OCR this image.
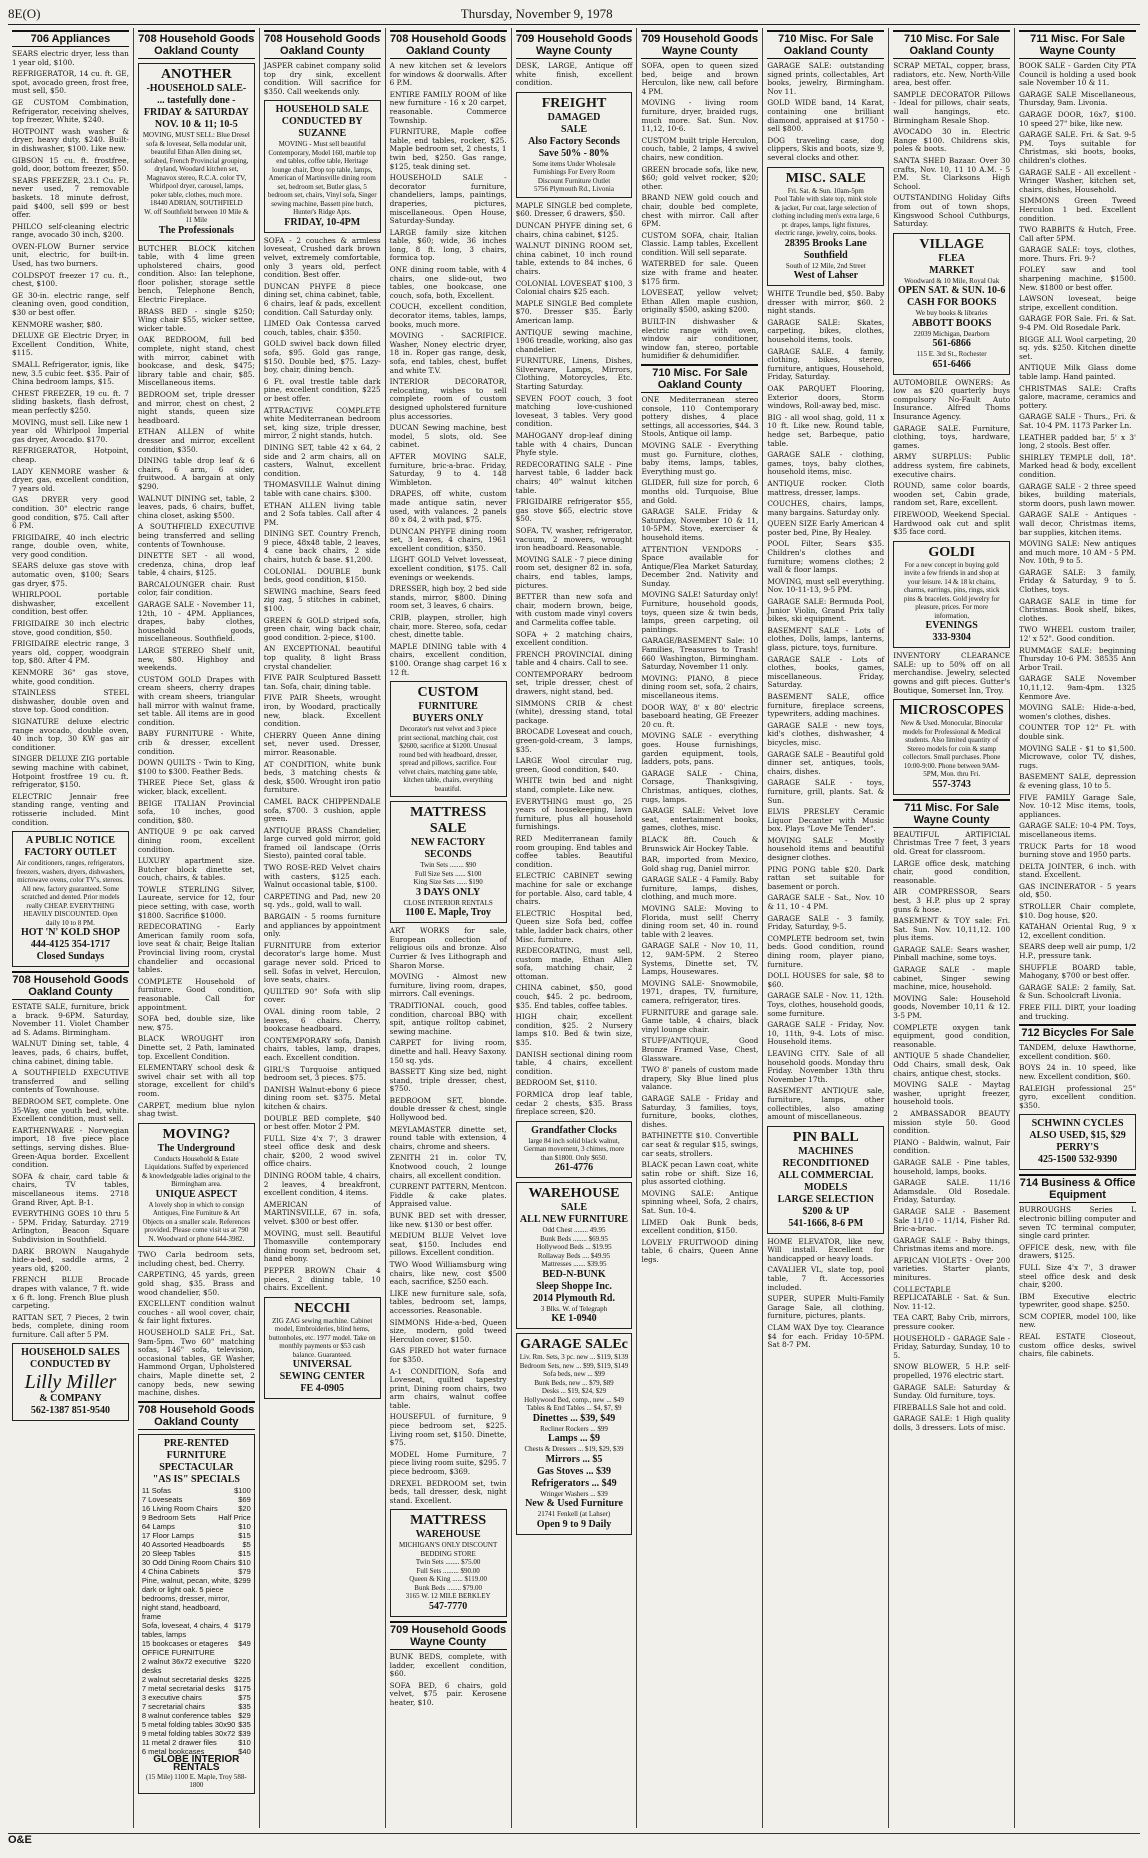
8E(O)	Thursday, November 9, 1978
706 Appliances
SEARS electric dryer, less than 1 year old, $100.
REFRIGERATOR, 14 cu. ft. GE, spot, avocado green, frost free, must sell, $50.
GE CUSTOM Combination, Refrigerator, receiving shelves, top freezer, White, $240.
HOTPOINT wash washer & dryer, heavy duty, $240. Built-in dishwasher, $100. Like new.
GIBSON 15 cu. ft. frostfree, gold, door, bottom freezer, $50.
SEARS FREEZER, 23.1 Cu. Ft. never used, 7 removable baskets. 18 minute defrost, paid $400, sell $99 or best offer.
PHILCO self-cleaning electric range, avocado 30 inch, $200.
OVEN-FLOW Burner service unit, electric, for built-in. Used, has two burners.
COLDSPOT freezer 17 cu. ft., chest, $100.
GE 30-in. electric range, self cleaning oven, good condition, $30 or best offer.
KENMORE washer, $80.
DELUXE GE Electric Dryer, in Excellent Condition, White, $115.
SMALL Refrigerator, ignis, like new, 3.5 cubic feet. $35. Pair of China bedroom lamps, $15.
CHEST FREEZER, 19 cu. ft. 7 sliding baskets, flash defrost, mean perfectly $250.
MOVING, must sell. Like new 1 year old Whirlpool Imperial gas dryer, Avocado. $170.
REFRIGERATOR, Hotpoint, cheap.
LADY KENMORE washer & dryer, gas, excellent condition, 7 years old.
GAS DRYER very good condition. 30" electric range good condition, $75. Call after 6 PM.
FRIGIDAIRE, 40 inch electric range, double oven, white, very good condition.
SEARS deluxe gas stove with automatic oven, $100; Sears gas dryer, $75.
WHIRLPOOL portable dishwasher, excellent condition, best offer.
FRIGIDAIRE 30 inch electric stove, good condition, $50.
FRIGIDAIRE electric range, 3 years old, copper, woodgrain top, $80. After 4 PM.
KENMORE 36" gas stove, white, good condition.
STAINLESS STEEL dishwasher, double oven and stove top. Good condition.
SIGNATURE deluxe electric range avocado, double oven, 40 inch top, 30 KW gas air conditioner.
SINGER DELUXE ZIG portable sewing machine with cabinet, Hotpoint frostfree 19 cu. ft. refrigerator, $150.
ELECTRIC Jennair free standing range, venting and rotisserie included. Mint condition.
A PUBLIC NOTICE
FACTORY OUTLET
Air conditioners, ranges, refrigerators, freezers, washers, dryers, dishwashers, microwave ovens, color TV's, stereos. All new, factory guaranteed. Some scratched and dented. Prior models really CHEAP. EVERYTHING HEAVILY DISCOUNTED. Open daily 10 to 8 PM.
HOT 'N' KOLD SHOP
444-4125 354-1717
Closed Sundays
708 Household Goods Oakland County
ESTATE SALE, furniture, brick a brack. 9-6PM. Saturday, November 11. Violet Chamber ad S. Adams. Birmingham.
WALNUT Dining set, table, 4 leaves, pads, 6 chairs, buffet, china cabinet, dining table.
A SOUTHFIELD EXECUTIVE transferred and selling contents of Townhouse.
BEDROOM SET, complete. One 35-Way, one youth bed, white. Excellent condition, must sell.
EARTHENWARE - Norwegian import, 18 five piece place settings, serving dishes. Blue-Green-Aqua border. Excellent condition.
SOFA & chair, card table & chairs, TV tables, miscellaneous items. 2718 Grand River, Apt. B-1.
EVERYTHING GOES 10 thru 5 - 5PM. Friday, Saturday. 2719 Arlington, Beacon Square Subdivision in Southfield.
DARK BROWN Naugahyde hide-a-bed, saddle arms, 2 years old, $200.
FRENCH BLUE Brocade drapes with valance, 7 ft. wide x 6 ft. long. French Blue plush carpeting.
RATTAN SET, 7 Pieces, 2 twin beds, complete, dining room furniture. Call after 5 PM.
HOUSEHOLD SALES
CONDUCTED BY
Lilly Miller
& COMPANY
562-1387 851-9540
708 Household Goods Oakland County
ANOTHER
-HOUSEHOLD SALE-
... tastefully done -
FRIDAY & SATURDAY
NOV. 10 & 11; 10-5
MOVING, MUST SELL: Blue Dresel sofa & loveseat, Sella modular unit, beautiful Ethan Allen dining set, sofabed, French Provincial grouping, dryland, Woodard kitchen set, Magnavox stereo, R.C.A. color TV, Whirlpool dryer, carousel, lamps, poker table, clothes, much more.
18440 ADRIAN, SOUTHFIELD
W. off Southfield between 10 Mile & 11 Mile
The Professionals
BUTCHER BLOCK kitchen table, with 4 lime green upholstered chairs, good condition. Also: Ian telephone, floor polisher, storage settle bench, Telephone Bench, Electric Fireplace.
BRASS BED - single $250; Wing chair $55, wicker settee, wicker table.
OAK BEDROOM, full bed complete, night stand, chest with mirror, cabinet with bookcase, and desk, $475; library table and chair, $85. Miscellaneous items.
BEDROOM set, triple dresser and mirror, chest on chest, 2 night stands, queen size headboard.
ETHAN ALLEN of white dresser and mirror, excellent condition, $350.
DINING table drop leaf & 6 chairs, 6 arm, 6 sider, fruitwood. A bargain at only $290.
WALNUT DINING set, table, 2 leaves, pads, 6 chairs, buffet, china closet, asking $500.
A SOUTHFIELD EXECUTIVE being transferred and selling contents of Townhouse.
DINETTE SET - all wood, credenza, china, drop leaf table, 4 chairs, $125.
BARCALOUNGER chair. Rust color, fair condition.
GARAGE SALE - November 11, 12th, 10 - 4PM. Appliances, drapes, baby clothes, household goods, miscellaneous. Southfield.
LARGE STEREO Shelf unit, new, $80. Highboy and weekends.
CUSTOM GOLD Drapes with cream sheers, cherry drapes with cream sheers, triangular hall mirror with walnut frame, set table. All items are in good condition.
BABY FURNITURE - White, crib & dresser, excellent condition.
DOWN QUILTS - Twin to King, $100 to $300. Feather Beds.
THREE Piece Set, glass & wicker, black, excellent.
BEIGE ITALIAN Provincial sofa, 10 inches, good condition, $80.
ANTIQUE 9 pc oak carved dining room, excellent condition.
LUXURY apartment size. Butcher block dinette set, couch, chairs, & tables.
TOWLE STERLING Silver, Laureate, service for 12, four piece setting, with case, worth $1800. Sacrifice $1000.
REDECORATING - Early American family room sofa, love seat & chair, Beige Italian Provincial living room, crystal chandelier and occasional tables.
COMPLETE Household of furniture. Good condition, reasonable. Call for appointment.
SOFA bed, double size, like new, $75.
BLACK WROUGHT iron Dinette set, 2 Path, laminated top. Excellent Condition.
ELEMENTARY school desk & swivel chair set with all top storage, excellent for child's room.
CARPET, medium blue nylon shag twist.
MOVING?
The Underground
Conducts Household & Estate Liquidations. Staffed by experienced & knowledgeable ladies original to the Birmingham area.
UNIQUE ASPECT
A lovely shop in which to consign Antiques, Fine Furniture & Art Objects on a smaller scale. References provided. Please come visit us at 790 N. Woodward or phone 644-3982.
TWO Carla bedroom sets, including chest, bed. Cherry.
CARPETING, 45 yards, green gold shag, $35. Brass and wood chandelier, $50.
EXCELLENT condition walnut couches - all wool cover, chair, & fair light fixtures.
HOUSEHOLD SALE Fri., Sat. 9am-5pm. Two 60" matching sofas, 146" sofa, television, occasional tables, GE Washer, Hammond Organ, Upholstered chairs, Maple dinette set, 2 canopy beds, new sewing machine, dishes.
708 Household Goods Oakland County
PRE-RENTED FURNITURE
SPECTACULAR
"AS IS" SPECIALS
11 Sofas	$100
7 Loveseats	$69
16 Living Room Chairs	$20
9 Bedroom Sets	Half Price
64 Lamps	$10
17 Floor Lamps	$15
40 Assorted Headboards $5
20 Sleep Tables	$15
30 Odd Dining Room Chairs $10
4 China Cabinets	$79
Pine, walnut, pecan, white, dark or light oak. 5 piece bedrooms, dresser, mirror, night stand, headboard, frame
$299
Sofa, loveseat, 4 chairs, 4 tables, lamps
$179
15 bookcases or etageres $49
OFFICE FURNITURE
2 walnut 36x72 executive desks
$220
2 walnut secretarial desks $225
7 metal secretarial desks $175
3 executive chairs	$75
7 secretarial chairs	$35
8 walnut conference tables $29
5 metal folding tables 30x90 $35
9 metal folding tables 30x72 $39
11 metal 2 drawer files	$10
6 metal bookcases	$40
GLOBE INTERIOR RENTALS
(15 Mile) 1100 E. Maple, Troy 588-1800
708 Household Goods Oakland County
JASPER cabinet company solid top dry sink, excellent condition. Will sacrifice for $350. Call weekends only.
HOUSEHOLD SALE
CONDUCTED BY SUZANNE
MOVING - Must sell beautiful Contemporary, Model 160, marble top end tables, coffee table, Heritage lounge chair, Drop top table, lamps, American of Martinsville dining room set, bedroom set, Butler glass, 5 bedroom set, chairs, Vinyl sofa, Singer sewing machine, Bassett pine hutch, Hunter's Ridge Apts.
FRIDAY, 10-4PM
SOFA - 2 couches & armless loveseat, Crushed dark brown velvet, extremely comfortable, only 3 years old, perfect condition. Best offer.
DUNCAN PHYFE 8 piece dining set, china cabinet, table, 6 chairs, leaf & pads, excellent condition. Call Saturday only.
LIMED Oak Contessa carved couch, tables, chair. $350.
GOLD swivel back down filled sofa, $95. Gold gas range, $150. Double bed, $75. Lazy-boy, chair, dining bench.
6 Ft. oval trestle table dark pine, excellent condition, $225 or best offer.
ATTRACTIVE COMPLETE white Mediterranean bedroom set, king size, triple dresser, mirror, 2 night stands, hutch.
DINING SET, table 42 x 64, 2 side and 2 arm chairs, all on casters, Walnut, excellent condition.
THOMASVILLE Walnut dining table with cane chairs. $300.
ETHAN ALLEN living table and 2 Sofa tables. Call after 4 PM.
DINING SET. Country French, 9 piece, 48x48 table, 2 leaves, 4 cane back chairs, 2 side chairs, hutch & base. $1,200.
COLONIAL DOUBLE bunk beds, good condition, $150.
SEWING machine, Sears feed zig zag, 5 stitches in cabinet, $100.
GREEN & GOLD striped sofa, green chair, wing back chair, good condition. 2-piece, $100.
AN EXCEPTIONAL beautiful top quality, 8 light Brass crystal chandelier.
FIVE PAIR Sculptured Bassett tan. Sofa, chair, dining table.
FIVE PAIR Sheets, wrought iron, by Woodard, practically new, black. Excellent condition.
CHERRY Queen Anne dining set, never used. Dresser, mirror. Reasonable.
AT CONDITION, white bunk beds, 3 matching chests & desk, $500. Wrought iron patio furniture.
CAMEL BACK CHIPPENDALE sofa, $700. 3 cushion, apple green.
ANTIQUE BRASS Chandelier, large curved gold mirror, gold framed oil landscape (Orris Siesto), painted coral table.
TWO ROSE-RED Velvet chairs with casters, $125 each. Walnut occasional table, $100.
CARPETING and Pad, new 20 sq. yds., gold, wall to wall.
BARGAIN - 5 rooms furniture and appliances by appointment only.
FURNITURE from exterior decorator's large home. Must garage never sold. Priced to sell. Sofas in velvet, Herculon, love seats, chairs.
QUILTED 90" Sofa with slip cover.
OVAL dining room table, 2 leaves, 6 chairs. Cherry, bookcase headboard.
CONTEMPORARY sofa, Danish chairs, tables, lamp, drapes, each. Excellent condition.
GIRL'S Turquoise antiqued bedroom set, 3 pieces. $75.
DANISH Walnut-ebony 6 piece dining room set. $375. Metal kitchen & chairs.
DOUBLE BED complete, $40 or best offer. Motor 2 PM.
FULL Size 4'x 7', 3 drawer steel office desk and desk chair, $200, 2 wood swivel office chairs.
DINING ROOM table, 4 chairs, 2 leaves, 4 breakfront, excellent condition, 4 items.
AMERICAN of MARTINSVILLE, 67 in. sofa, velvet. $300 or best offer.
MOVING, must sell. Beautiful Thomasville contemporary dining room set, bedroom set, hand ebony.
PEPPER BROWN Chair 4 pieces, 2 dining table, 10 chairs. Excellent.
NECCHI
ZIG ZAG sewing machine. Cabinet model, Embroideries, blind hems, buttonholes, etc. 1977 model. Take on monthly payments or $53 cash balance. Guaranteed.
UNIVERSAL
SEWING CENTER
FE 4-0905
708 Household Goods Oakland County
A new kitchen set & levelors for windows & doorwalls. After 6 P.M.
ENTIRE FAMILY ROOM of like new furniture - 16 x 20 carpet, reasonable. Commerce Township.
FURNITURE, Maple coffee table, end tables, rocker, $25. Maple bedroom set, 2 chests, 1 twin bed, $250. Gas range, $125, teak dining set.
HOUSEHOLD SALE - decorator furniture, chandeliers, lamps, paintings, draperies, pictures, miscellaneous. Open House, Saturday-Sunday.
LARGE family size kitchen table, $60; wide, 36 inches long, 8 ft. long, 3 chairs, formica top.
ONE dining room table, with 4 chairs, one slide-out, two tables, one bookcase, one couch, sofa, both, Excellent.
COUCH, excellent condition, decorator items, tables, lamps, books, much more.
MOVING - SACRIFICE. Washer, Noney electric dryer, 18 in. Roper gas range, desk, sofa, end tables, chest, buffet and white T.V.
INTERIOR DECORATOR, relocating, wishes to sell complete room of custom designed upholstered furniture plus accessories.
DUCAN Sewing machine, best model, 5 slots, old. See cabinet.
AFTER MOVING SALE, furniture, bric-a-brac. Friday, Saturday, 9 to 4. 148 Wimbleton.
DRAPES, off white, custom made antique satin, never used, with valances. 2 panels 80 x 84, 2 with pad, $75.
DUNCAN PHYFE dining room set, 3 leaves, 4 chairs, 1961 excellent condition, $350.
LIGHT GOLD Velvet lovesseat, excellent condition, $175. Call evenings or weekends.
DRESSER, high boy, 2 bed side stands, mirror, $800. Dining room set, 3 leaves, 6 chairs.
CRIB, playpen, stroller, high chair, more. Stereo, sofa, cedar chest, dinette table.
MAPLE DINING table with 4 chairs, excellent condition, $100. Orange shag carpet 16 x 12 ft.
CUSTOM
FURNITURE
BUYERS ONLY
Decorator's rust velvet and 3 piece print sectional, matching chair, cost $2600, sacrifice at $1200. Unusual round bed with headboard, dresser, spread and pillows, sacrifice. Four velvet chairs, matching game table, kitchen table, chairs, everything beautiful.
MATTRESS SALE
NEW FACTORY SECONDS
Twin Sets ........ $90
Full Size Sets ...... $100
King Size Sets ...... $190
3 DAYS ONLY
CLOSE INTERIOR RENTALS
1100 E. Maple, Troy
ART WORKS for sale, European collection of religious oils and bronze. Also Currier & Ives Lithograph and Sharon Morse.
MOVING - Almost new furniture, living room, drapes, mirrors. Call evenings.
TRADITIONAL couch, good condition, charcoal BBQ with spit, antique rolltop cabinet, sewing machine.
CARPET for living room, dinette and hall. Heavy Saxony. 150 sq. yds.
BASSETT King size bed, night stand, triple dresser, chest, $750.
BEDROOM SET, blonde. double dresser & chest, single Hollywood bed.
MEYLAMASTER dinette set, round table with extension, 4 chairs, chrome and sheers.
ZENITH 21 in. color TV, Knotwood couch, 2 lounge chairs, all excellent condition.
CURRENT PATTERN, Mentcon. Fiddle & cake plates. Appraised value.
BUNK BED set with dresser, like new. $130 or best offer.
MEDIUM BLUE Velvet love seat, $150. Includes end pillows. Excellent condition.
TWO Wood Williamsburg wing chairs, like new, cost $500 each, sacrifice, $250 each.
LIKE new furniture sale, sofa, tables, bedroom set, lamps, accessories. Reasonable.
SIMMONS Hide-a-bed, Queen size, modern, gold tweed Herculon cover, $150.
GAS FIRED hot water furnace for $350.
A-1 CONDITION, Sofa and Loveseat, quilted tapestry print, Dining room chairs, two arm chairs, walnut coffee table.
HOUSEFUL of furniture, 9 piece bedroom set, $225. Living room set, $150. Dinette, $75.
MODEL Home Furniture, 7 piece living room suite, $295. 7 piece bedroom, $369.
DREXEL BEDROOM set, twin beds, tall dresser, desk, night stand. Excellent.
MATTRESS
WAREHOUSE
MICHIGAN'S ONLY DISCOUNT BEDDING STORE
Twin Sets ........ $75.00
Full Sets ......... $90.00
Queen & King ...... $119.00
Bunk Beds ........ $79.00
3165 W. 12 MILE BERKLEY
547-7770
709 Household Goods Wayne County
BUNK BEDS, complete, with ladder, excellent condition, $60.
SOFA BED, 6 chairs, gold velvet, $75 pair. Kerosene heater, $10.
709 Household Goods Wayne County
DESK, LARGE, Antique off white finish, excellent condition.
FREIGHT
DAMAGED
SALE
Also Factory Seconds
Save 50% - 80%
Some items Under Wholesale Furnishings For Every Room
Discount Furniture Outlet
5756 Plymouth Rd., Livonia
MAPLE SINGLE bed complete, $60. Dresser, 6 drawers, $50.
DUNCAN PHYFE dining set, 6 chairs, china cabinet, $125.
WALNUT DINING ROOM set, china cabinet, 10 inch round table, extends to 84 inches, 6 chairs.
COLONIAL LOVESEAT $100, 3 Colonial chairs $25 each.
MAPLE SINGLE Bed complete $70. Dresser $35. Early American lamp.
ANTIQUE sewing machine, 1906 treadle, working, also gas chandelier.
FURNITURE, Linens, Dishes, Silverware, Lamps, Mirrors, Clothing, Motorcycles, Etc. Starting Saturday.
SEVEN FOOT couch, 3 foot matching love-cushioned loveseat, 3 tables. Very good condition.
MAHOGANY drop-leaf dining table with 4 chairs, Duncan Phyfe style.
REDECORATING SALE - Pine harvest table, 6 ladder back chairs; 40" walnut kitchen table.
FRIGIDAIRE refrigerator $55, gas stove $65, electric stove $50.
SOFA, TV, washer, refrigerator, vacuum, 2 mowers, wrought iron headboard. Reasonable.
MOVING SALE - 7 piece dining room set, designer 82 in. sofa, chairs, end tables, lamps, pictures.
BETTER than new sofa and chair, modern brown, beige, with custom made vinyl covers and Carmelita coffee table.
SOFA + 2 matching chairs, excellent condition.
FRENCH PROVINCIAL dining table and 4 chairs. Call to see.
CONTEMPORARY bedroom set, triple dresser, chest of drawers, night stand, bed.
SIMMONS CRIB & chest (white), dressing stand, total package.
BROCADE Loveseat and couch, green-gold-cream, 3 lamps, $35.
LARGE Wool circular rug, green, Good condition, $40.
WHITE twin bed and night stand, complete. Like new.
EVERYTHING must go, 25 years of housekeeping, lawn furniture, plus all household furnishings.
RED Mediterranean family room grouping. End tables and coffee tables. Beautiful condition.
ELECTRIC CABINET sewing machine for sale or exchange for portable. Also, card table, 4 chairs.
ELECTRIC Hospital bed, Queen size Sofa bed, coffee table, ladder back chairs, other Misc. furniture.
REDECORATING, must sell, custom made, Ethan Allen sofa, matching chair, 2 ottoman.
CHINA cabinet, $50, good couch, $45. 2 pc. bedroom, $35. End tables, coffee tables.
HIGH chair, excellent condition, $25. 2 Nursery lamps $10. Bed & twin size, $35.
DANISH sectional dining room table, 4 chairs, excellent condition.
BEDROOM Set, $110.
FORMICA drop leaf table, cedar 2 chests, $35. Brass fireplace screen, $20.
Grandfather Clocks
large 84 inch solid black walnut, German movement, 3 chimes, more than $1800. Only $650.
261-4776
WAREHOUSE
SALE
ALL NEW FURNITURE
Odd Chest ........ 49.95
Bunk Beds ........ $69.95
Hollywood Beds ... $19.95
Rollaway Beds .... $49.95
Mattresses ....... $39.95
BED-N-BUNK
Sleep Shoppe Inc.
2014 Plymouth Rd.
3 Blks. W. of Telegraph
KE 1-0940
GARAGE SALEc
Liv. Rm. Sets, 3 pc. new ... $119, $139
Bedroom Sets, new ... $99, $119, $149
Sofa beds, new ... $99
Bunk Beds, new ... $79, $89
Desks ... $19, $24, $29
Hollywood Bed, comp., new ... $49
Tables & End Tables ... $4, $7, $9
Dinettes ... $39, $49
Recliner Rockers ... $99
Lamps ... $9
Chests & Dressers ... $19, $29, $39
Mirrors ... $5
Gas Stoves ... $39
Refrigerators ... $49
Wringer Washers ... $39
New & Used Furniture
21741 Fenkell (at Lahser)
Open 9 to 9 Daily
709 Household Goods Wayne County
SOFA, open to queen sized bed, beige and brown Herculon, like new, call before 4 PM.
MOVING - living room furniture, dryer, braided rugs, much more. Sat. Sun. Nov. 11,12, 10-6.
CUSTOM built triple Herculon, couch, table, 2 lamps, 4 swivel chairs, new condition.
GREEN brocade sofa, like new, $60; gold velvet rocker, $20; other.
BRAND NEW gold couch and chair, double bed complete, chest with mirror. Call after 6PM.
CUSTOM SOFA, chair, Italian Classic. Lamp tables, Excellent condition. Will sell separate.
WATERBED for sale. Queen size with frame and heater. $175 firm.
LOVESEAT, yellow velvet; Ethan Allen maple cushion, originally $500, asking $200.
BUILT-IN dishwasher & electric range with oven, window air conditioner, window fan, stereo, portable humidifier & dehumidifier.
710 Misc. For Sale Oakland County
ONE Mediterranean stereo console, 110 Contemporary pottery dishes, 4 place settings, all accessories, $44. 3 Stools, Antique oil lamp.
MOVING SALE - Everything must go. Furniture, clothes, baby items, lamps, tables, Everything must go.
GLIDER, full size for porch, 6 months old. Turquoise, Blue and Gold.
GARAGE SALE. Friday & Saturday, November 10 & 11, 10-5PM. Stove, exerciser & household items.
ATTENTION VENDORS - Space available for Antique/Flea Market Saturday, December 2nd. Nativity and Sunday.
MOVING SALE! Saturday only! Furniture, household goods, toys, queen size & twin beds, lamps, green carpeting, oil paintings.
GARAGE/BASEMENT Sale: 10 Families, Treasures to Trash! 660 Washington, Birmingham. Saturday, November 11 only.
MOVING: PIANO, 8 piece dining room set, sofa, 2 chairs, miscellaneous items.
DOOR WAY, 8' x 80' electric baseboard heating, GE Freezer 20 cu. ft.
MOVING SALE - everything goes. House furnishings, garden equipment, tools, ladders, pots, pans.
GARAGE SALE - China, Corsage, Thanksgiving, Christmas, antiques, clothes, rugs, lamps.
GARAGE SALE: Velvet love seat, entertainment books, games, clothes, misc.
BLACK 8ft. Couch & Brunswick Air Hockey Table.
BAR, imported from Mexico, Gold shag rug, Daniel mirror.
GARAGE SALE - 4 Family. Baby furniture, lamps, dishes, clothing, and much more.
MOVING SALE: Moving to Florida, must sell! Cherry dining room set, 40 in. round table with 2 leaves.
GARAGE SALE - Nov 10, 11, 12, 9AM-5PM. 2 Stereo Systems, Dinette set, TV, Lamps, Housewares.
MOVING SALE- Snowmobile, 1971, drapes, TV, furniture, camera, refrigerator, tires.
FURNITURE and garage sale. Game table, 4 chairs, black vinyl lounge chair.
STUFF/ANTIQUE, Good Bronze Framed Vase, Chest, Glassware.
TWO 8' panels of custom made drapery, Sky Blue lined plus valance.
GARAGE SALE - Friday and Saturday, 3 families, toys, furniture, books, clothes, dishes.
BATHINETTE $10. Convertible car seat & regular $15, swings, car seats, strollers.
BLACK pecan Lawn coat, white satin robe or shift. Size 16, plus assorted clothing.
MOVING SALE: Antique spinning wheel, Sofa, 2 chairs, Sat. Sun. 10-4.
LIMED Oak Bunk beds, excellent condition, $150.
LOVELY FRUITWOOD dining table, 6 chairs, Queen Anne legs.
710 Misc. For Sale Oakland County
GARAGE SALE: outstanding signed prints, collectables, Art books, jewelry, Birmingham. Nov 11.
GOLD WIDE band, 14 Karat, containing one brilliant diamond, appraised at $1750 - sell $800.
DOG traveling case, dog clippers, Skis and boots, size 9, several clocks and other.
MISC. SALE
Fri. Sat. & Sun. 10am-5pm
Pool Table with slate top, mink stole & jacket, Fur coat, large selection of clothing including men's extra large, 6 pr. drapes, lamps, light fixtures, electric range, jewelry, coins, books.
28395 Brooks Lane
Southfield
South of 12 Mile, 2nd Street
West of Lahser
WHITE Trundle bed, $50. Baby dresser with mirror, $60. 2 night stands.
GARAGE SALE: Skates, carpeting, bikes, clothes, household items, tools.
GARAGE SALE. 4 family, clothing, bikes, stereo, furniture, antiques, Household, Friday, Saturday.
OAK PARQUET Flooring, Exterior doors, Storm windows, Roll-away bed, misc.
BIG - all wool shag, gold, 11 x 10 ft. Like new. Round table, hedge set, Barbeque, patio table.
GARAGE SALE - clothing, games, toys, baby clothes, household items, misc.
ANTIQUE rocker. Cloth mattress, dresser, lamps.
COUCHES, chairs, lamps, many bargains. Saturday only.
QUEEN SIZE Early American 4 poster bed, Pine, By Healey.
POOL Filter, Sears $35. Children's clothes and furniture; womens clothes; 2 wall & floor lamps.
MOVING, must sell everything. Nov. 10-11-13, 9-5 PM.
GARAGE SALE: Bermuda Pool, Junior Violin, Grand Prix tally bikes, ski equipment.
BASEMENT SALE - Lots of clothes, Dolls, lamps, lanterns, glass, picture, toys, furniture.
GARAGE SALE - Lots of clothes, books, games, miscellaneous. Friday, Saturday.
BASEMENT SALE, office furniture, fireplace screens, typewriters, adding machines.
GARAGE SALE - new toys, kid's clothes, dishwasher, 4 bicycles, misc.
GARAGE SALE - Beautiful gold dinner set, antiques, tools, chairs, dishes.
GARAGE SALE - toys, furniture, grill, plants. Sat. & Sun.
ELVIS PRESLEY Ceramic Liquor Decanter with Music box. Plays "Love Me Tender".
MOVING SALE - Mostly household items and beautiful designer clothes.
PING PONG table $20. Dark rattan set suitable for basement or porch.
GARAGE SALE - Sat., Nov. 10 & 11, 10 - 4 PM.
GARAGE SALE - 3 family, Friday, Saturday, 9-5.
COMPLETE bedroom set, twin beds. Good condition, round dining room, player piano, furniture.
DOLL HOUSES for sale, $8 to $60.
GARAGE SALE - Nov. 11, 12th. Toys, clothes, household goods, some furniture.
GARAGE SALE - Friday, Nov. 10, 11th, 9-4. Lots of misc. Household items.
LEAVING CITY. Sale of all household goods. Monday thru Friday. November 13th thru November 17th.
BASEMENT ANTIQUE sale, furniture, lamps, other collectibles, also amazing amount of miscellaneous.
PIN BALL
MACHINES
RECONDITIONED
ALL COMMERCIAL MODELS
LARGE SELECTION
$200 & UP
541-1666, 8-6 PM
HOME ELEVATOR, like new, Will install. Excellent for handicapped or heavy loads.
CAVALIER VL, slate top, pool table, 7 ft. Accessories included.
SUPER, SUPER Multi-Family Garage Sale, all clothing, furniture, pictures, plants.
CLAM WAX Dye toy. Clearance $4 for each. Friday 10-5PM. Sat 8-7 PM.
710 Misc. For Sale Oakland County
SCRAP METAL, copper, brass, radiators, etc. New, North-Ville area, best offer.
SAMPLE DECORATOR Pillows - Ideal for pillows, chair seats, wall hangings, etc. Birmingham Resale Shop.
AVOCADO 30 in. Electric Range $100. Childrens skis, poles & boots.
SANTA SHED Bazaar. Over 30 crafts, Nov. 10, 11 10 A.M. - 5 P.M. St. Clarksons High School.
OUTSTANDING Holiday Gifts from out of town shops, Kingswood School Cuthburgs, Saturday.
VILLAGE
FLEA
MARKET
Woodward & 10 Mile, Royal Oak
OPEN SAT. & SUN. 10-6
CASH FOR BOOKS
We buy books & libraries
ABBOTT BOOKS
22039 Michigan, Dearborn
561-6866
115 E. 3rd St., Rochester
651-6466
AUTOMOBILE OWNERS: As low as $20 quarterly buys compulsory No-Fault Auto Insurance. Alfred Thoms Insurance Agency.
GARAGE SALE. Furniture, clothing, toys, hardware, games.
ARMY SURPLUS: Public address system, fire cabinets, executive chairs.
ROUND, same color boards, wooden set, Cabin grade, random set, Rare, excellent.
FIREWOOD, Weekend Special. Hardwood oak cut and split $35 face cord.
GOLDI
For a new concept in buying gold invite a few friends in and shop at your leisure. 14 & 18 kt chains, charms, earrings, pins, rings, stick pins & bracelets. Gold jewelry for pleasure, prices. For more information,
EVENINGS
333-9304
INVENTORY CLEARANCE SALE: up to 50% off on all merchandise. Jewelry, selected gowns and gift pieces. Gutter's Boutique, Somerset Inn, Troy.
MICROSCOPES
New & Used. Monocular, Binocular models for Professional & Medical students. Also limited quantity of Stereo models for coin & stamp collectors. Small purchases. Phone 10:00-9:00. Phone between 9AM-5PM, Mon. thru Fri.
557-3743
711 Misc. For Sale Wayne County
BEAUTIFUL ARTIFICIAL Christmas Tree 7 feet, 3 years old. Great for classroom.
LARGE office desk, matching chair, good condition, reasonable.
AIR COMPRESSOR, Sears best, 3 H.P. plus up 2 spray guns & hose.
BASEMENT & TOY sale: Fri. Sat. Sun. Nov. 10,11,12. 100 plus items.
GARAGE SALE: Sears washer, Pinball machine, some toys.
GARAGE SALE - maple cabinet, Singer sewing machine, mice, household.
MOVING Sale: Household goods, November 10,11 & 12. 3-5 PM.
COMPLETE oxygen tank equipment, good condition, reasonable.
ANTIQUE 5 shade Chandelier, Odd Chairs, small desk, Oak chairs, antique chest, stocks.
MOVING SALE - Maytag washer, upright freezer, household tools.
2 AMBASSADOR BEAUTY mission style 50. Good condition.
PIANO - Baldwin, walnut, Fair condition.
GARAGE SALE - Pine tables, household, lamps, books.
GARAGE SALE. 11/16 Adamsdale. Old Rosedale. Friday, Saturday.
GARAGE SALE - Basement Sale 11/10 - 11/14, Fisher Rd. Bric-a-brac.
GARAGE SALE - Baby things, Christmas items and more.
AFRICAN VIOLETS - Over 200 varieties. Starter plants, minitures.
COLLECTABLE REPLICATABLE - Sat. & Sun. Nov. 11-12.
TEA CART, Baby Crib, mirrors, pressure cooker.
HOUSEHOLD - GARAGE Sale - Friday, Saturday, Sunday, 10 to 5.
SNOW BLOWER, 5 H.P. self-propelled, 1976 electric start.
GARAGE SALE: Saturday & Sunday. Old furniture, toys.
FIREBALLS Sale hot and cold.
GARAGE SALE: 1 High quality dolls, 3 dressers. Lots of misc.
711 Misc. For Sale Wayne County
BOOK SALE - Garden City PTA Council is holding a used book sale November 10 & 11.
GARAGE SALE Miscellaneous, Thursday, 9am. Livonia.
GARAGE DOOR, 16x7, $100. 10 speed 27" bike, like new.
GARAGE SALE. Fri. & Sat. 9-5 PM. Toys suitable for Christmas, ski boots, books, children's clothes.
GARAGE SALE - All excellent - Wringer Washer, kitchen set, chairs, dishes, Household.
SIMMONS Green Tweed Herculon 1 bed. Excellent condition.
TWO RABBITS & Hutch, Free. Call after 5PM.
GARAGE SALE: toys, clothes, more. Thurs. Fri. 9-?
FOLEY saw and tool sharpening machine, $1500. New. $1800 or best offer.
LAWSON loveseat, beige stripe, excellent condition.
GARAGE FOR Sale. Fri. & Sat. 9-4 PM. Old Rosedale Park.
BIGGE ALL Wool carpeting, 20 sq. yds. $250. Kitchen dinette set.
ANTIQUE Milk Glass dome table lamp. Hand painted.
CHRISTMAS SALE: Crafts galore, macrame, ceramics and pottery.
GARAGE SALE - Thurs., Fri. & Sat. 10-4 PM. 1173 Parker Ln.
LEATHER padded bar, 5' x 3' long, 2 stools. Best offer.
SHIRLEY TEMPLE doll, 18". Marked head & body, excellent condition.
GARAGE SALE - 2 three speed bikes, building materials, storm doors, push lawn mower.
GARAGE SALE - Antiques - wall decor, Christmas items, bar supplies, kitchen items.
MOVING SALE: New antiques and much more. 10 AM - 5 PM. Nov. 10th, 9 to 5.
GARAGE SALE: 3 family, Friday & Saturday, 9 to 5. Clothes, toys.
GARAGE SALE in time for Christmas. Book shelf, bikes, clothes.
TWO WHEEL custom trailer, 12' x 52". Good condition.
RUMMAGE SALE: beginning Thursday 10-6 PM. 38535 Ann Arbor Trail.
GARAGE SALE November 10,11,12. 9am-4pm. 1325 Kenmore Ave.
MOVING SALE: Hide-a-bed, women's clothes, dishes.
COUNTER TOP 12" Ft. with double sink.
MOVING SALE - $1 to $1,500. Microwave, color TV, dishes, rugs.
BASEMENT SALE, depression & evening glass, 10 to 5.
FIVE FAMILY Garage Sale, Nov. 10-12 Misc items, tools, appliances.
GARAGE SALE: 10-4 PM. Toys, miscellaneous items.
TRUCK Parts for 18 wood burning stove and 1950 parts.
DELTA JOINTER, 6 inch. with stand. Excellent.
GAS INCINERATOR - 5 years old, $50.
STROLLER Chair complete, $10. Dog house, $20.
KATAHAN Oriental Rug, 9 x 12, excellent condition.
SEARS deep well air pump, 1/2 H.P., pressure tank.
SHUFFLE BOARD table, Mahogany, $700 or best offer.
GARAGE SALE: 2 family, Sat. & Sun. Schoolcraft Livonia.
FREE FILL DIRT, your loading and trucking.
712 Bicycles For Sale
TANDEM, deluxe Hawthorne, excellent condition. $60.
BOYS 24 in. 10 speed, like new. Excellent condition, $60.
RALEIGH professional 25" gyro, excellent condition. $350.
SCHWINN CYCLES
ALSO USED, $15, $29
PERRY'S
425-1500 532-9390
714 Business & Office Equipment
BURROUGHS Series L electronic billing computer and seven TC terminal computer, single card printer.
OFFICE desk, new, with file drawers, $125.
FULL Size 4'x 7', 3 drawer steel office desk and desk chair, $200.
IBM Executive electric typewriter, good shape. $250.
SCM COPIER, model 100, like new.
REAL ESTATE Closeout, custom office desks, swivel chairs, file cabinets.
O&E
